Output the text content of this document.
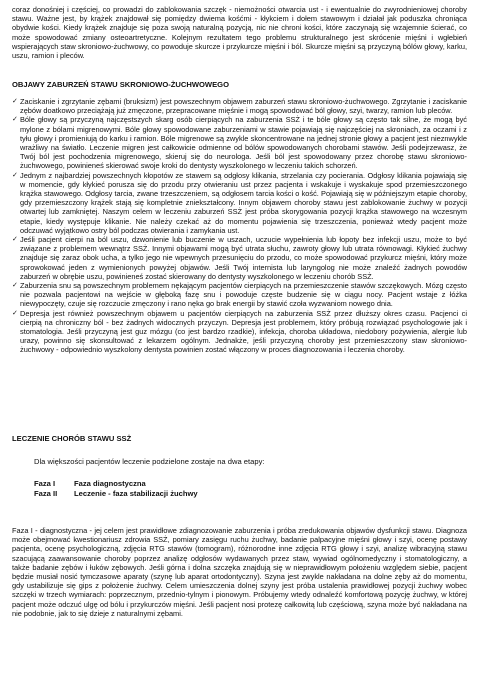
coraz donośniej i częściej, co prowadzi do zablokowania szczęk - niemożności otwarcia ust - i ewentualnie do zwyrodnieniowej choroby stawu. Ważne jest, by krążek znajdował się pomiędzy dwiema kośćmi - kłykciem i dołem stawowym i działał jak poduszka chroniąca obydwie kości. Kiedy krążek znajduje się poza swoją naturalną pozycją, nic nie chroni kości, które zaczynają się wzajemnie ścierać, co może spowodować zmiany osteoartretyczne. Kolejnym rezultatem tego problemu strukturalnego jest skrócenie mięśni i wgłebień wspierających staw skroniowo-żuchwowy, co powoduje skurcze i przykurcze mięśni i ból. Skurcze mięśni są przyczyną bólów głowy, karku, uszu, ramion i pleców.

OBJAWY ZABURZEŃ STAWU SKRONIOWO-ŻUCHWOWEGO
✓ Zaciskanie i zgrzytanie zębami (bruksizm) jest powszechnym objawem zaburzeń stawu skroniowo-żuchwowego. Zgrzytanie i zaciskanie zębów doatkowo przeciążają już zmęczone, przepracowane mięśnie i mogą spowodować ból głowy, szyi, twarzy, ramion lub pleców.
✓ Bóle głowy są przyczyną najczęstszych skarg osób cierpiących na zaburzenia SSŻ i te bóle głowy są często tak silne, że mogą być mylone z bólami migrenowymi. Bóle głowy spowodowane zaburzeniami w stawie pojawiają się najczęściej na skroniach, za oczami i z tyłu głowy i promieniują do karku i ramion. Bóle migrenowe są zwykle skoncentrowane na jednej stronie głowy a pacjent jest nieznwykle wrażliwy na światło. Leczenie migren jest całkowicie odmienne od bólów spowodowanych chorobami stawów. Jeśli podejrzewasz, że Twój ból jest pochodzenia migrenowego, skieruj się do neurologa. Jeśli ból jest spowodowany przez chorobę stawu skroniowo-żuchwowego, powinieneś skierować swoje kroki do dentysty wyszkolonego w leczeniu takich schorzeń.
✓ Jednym z najbardziej powszechnych kłopotów ze stawem są odgłosy klikania, strzelania czy pocierania. Odgłosy klikania pojawiają się w momencie, gdy kłykieć porusza się do przodu przy otwieraniu ust przez pacjenta i wskakuje i wyskakuje spod przemieszczonego krążka stawowego. Odgłosy tarcia, zwane trzeszczeniem, są odgłosem tarcia kości o kość. Pojawiają się w późniejszym etapie choroby, gdy przemieszczony krążek stają się kompletnie zniekształcony. Innym objawem choroby stawu jest zablokowanie żuchwy w pozycji otwartej lub zamkniętej. Naszym celem w leczeniu zaburzeń SSŻ jest próba skorygowania pozycji krążka stawowego na wczesnym etapie, kiedy występuje klikanie. Nie należy czekać aż do momentu pojawienia się trzeszczenia, ponieważ wtedy pacjent może odczuwać wyjątkowo ostry ból podczas otwierania i zamykania ust.
✓ Jeśli pacjent cierpi na ból uszu, dzwonienie lub buczenie w uszach, uczucie wypełnienia lub łopoty bez infekcji uszu, może to być związane z problemem wewnątrz SSŻ. Innymi objawami mogą być utrata słuchu, zawroty głowy lub utrata równowagi. Kłykieć żuchwy znajduje się zaraz obok ucha, a tylko jego nie wpewnych przesunięciu do przodu, co może spowodować przykurcz mięśni, który może sprowokować jeden z wymienionych powyżej objawów. Jeśli Twój internista lub laryngolog nie może znaleźć żadnych powodów zaburzeń w obrębie uszu, powinieneś zostać skierowany do dentysty wyszkolonego w leczeniu chorób SSŻ.
✓ Zaburzenia snu są powszechnym problemem nękającym pacjentów cierpiących na przemieszczenie stawów szczękowych. Mózg często nie pozwala pacjentowi na wejście w głęboką fazę snu i powoduje częste budzenie się w ciągu nocy. Pacjent wstaje z łóżka niewypoczęty, czuje się rozczucie zmęczony i rano nęka go brak energii by stawić czoła wyzwaniom nowego dnia.
✓ Depresja jest również powszechnym objawem u pacjentów cierpiących na zaburzenia SSŻ przez dłuższy okres czasu. Pacjenci ci cierpią na chroniczny ból - bez żadnych widocznych przyczyn. Depresja jest problemem, który próbują rozwiązać psychologowie jak i stomatologia. Jeśli przyczyną jest guz mózgu (co jest bardzo rzadkie), infekcja, choroba układowa, niedobory pożywienia, alergie lub urazy, powinno się skonsultować z lekarzem ogólnym. Jednakże, jeśli przyczyną choroby jest przemieszczony staw skroniowo-żuchwowy - odpowiednio wyszkolony dentysta powinien zostać włączony w proces diagnozowania i leczenia choroby.
LECZENIE CHORÓB STAWU SSŻ
Dla większości pacjentów leczenie podzielone zostaje na dwa etapy:
Faza I	Faza diagnostyczna
Faza II	Leczenie - faza stabilizacji żuchwy

Faza I - diagnostyczna - jej celem jest prawidłowe zdiagnozowanie zaburzenia i próba zredukowania objawów dysfunkcji stawu. Diagnoza może obejmować kwestionariusz zdrowia SSŻ, pomiary zasięgu ruchu żuchwy, badanie palpacyjne mięśni głowy i szyi, ocenę postawy pacjenta, ocenę psychologiczną, zdjęcia RTG stawów (tomogram), różnorodne inne zdjęcia RTG głowy i szyi, analizę wibracyjną stawu szacującą zaawansowanie choroby poprzez analizę odgłosów wydawanych przez staw, wywiad ogólnomedyczny i stomatologiczny, a także badanie zębów i łuków zębowych. Jeśli górna i dolna szczęka znajdują się w nieprawidłowym położeniu względem siebie, pacjent będzie musiał nosić tymczasowe aparaty (szynę lub aparat ortodontyczny). Szyna jest zwykle nakładana na dolne zęby aż do momentu, gdy ustabilizuje się gips z położenie żuchwy. Celem umieszczenia dolnej szyny jest próba ustalenia prawidłowej pozycji żuchwy wobec szczęki w trzech wymiarach: poprzecznym, przednio-tylnym i pionowym. Próbujemy wtedy odnaleźć komfortową pozycję żuchwy, w której pacjent może odczuć ulgę od bólu i przykurczów mięśni. Jeśli pacjent nosi protezę całkowitą lub częściową, szyna może być nakładana na nie podobnie, jak to się dzieje z naturalnymi zębami.
